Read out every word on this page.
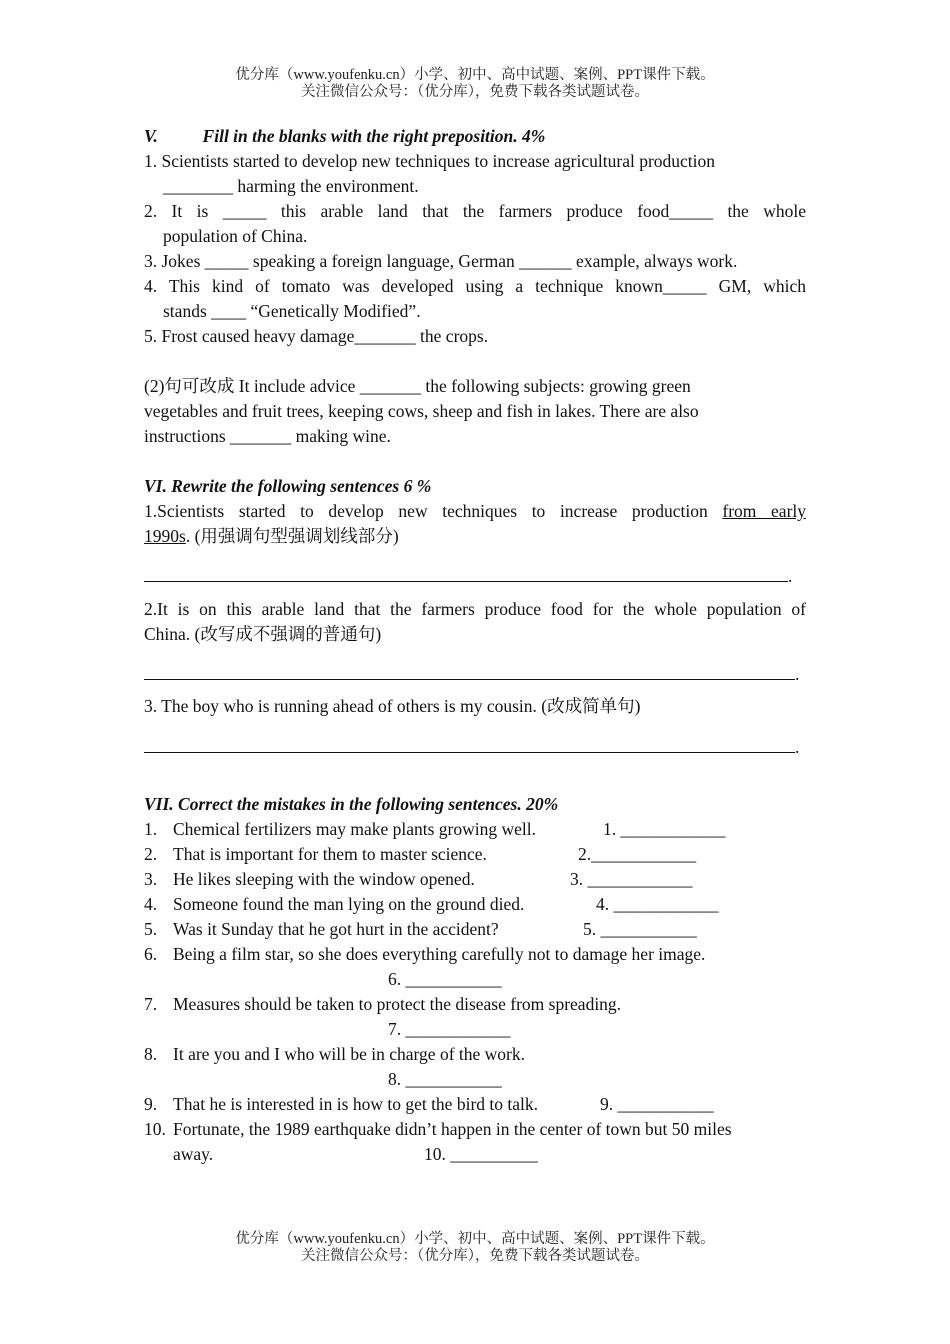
优分库（www.youfenku.cn）小学、初中、高中试题、案例、PPT课件下载。
关注微信公众号：（优分库），免费下载各类试题试卷。
V.	Fill in the blanks with the right preposition. 4%
1. Scientists started to develop new techniques to increase agricultural production
________ harming the environment.
2. It is _____ this arable land that the farmers produce food_____ the whole
population of China.
3. Jokes _____ speaking a foreign language, German ______ example, always work.
4. This kind of tomato was developed using a technique known_____ GM, which
stands ____ “Genetically Modified”.
5. Frost caused heavy damage_______ the crops.
(2)句可改成 It include advice _______ the following subjects: growing green
vegetables and fruit trees, keeping cows, sheep and fish in lakes. There are also
instructions _______ making wine.
VI. Rewrite the following sentences 6 %
1.Scientists started to develop new techniques to increase production from early
1990s. (用强调句型强调划线部分)
.
2.It is on this arable land that the farmers produce food for the whole population of
China. (改写成不强调的普通句)
.
3. The boy who is running ahead of others is my cousin. (改成简单句)
.
VII. Correct the mistakes in the following sentences. 20%
1. Chemical fertilizers may make plants growing well.	1. ____________
2. That is important for them to master science.	2.____________
3. He likes sleeping with the window opened.	3. ____________
4. Someone found the man lying on the ground died.	4. ____________
5. Was it Sunday that he got hurt in the accident?	5. ___________
6. Being a film star, so she does everything carefully not to damage her image.
6. ___________
7. Measures should be taken to protect the disease from spreading.
7. ____________
8. It are you and I who will be in charge of the work.
8. ___________
9. That he is interested in is how to get the bird to talk.	9. ___________
10. Fortunate, the 1989 earthquake didn’t happen in the center of town but 50 miles
away.	10. __________
优分库（www.youfenku.cn）小学、初中、高中试题、案例、PPT课件下载。
关注微信公众号：（优分库），免费下载各类试题试卷。
